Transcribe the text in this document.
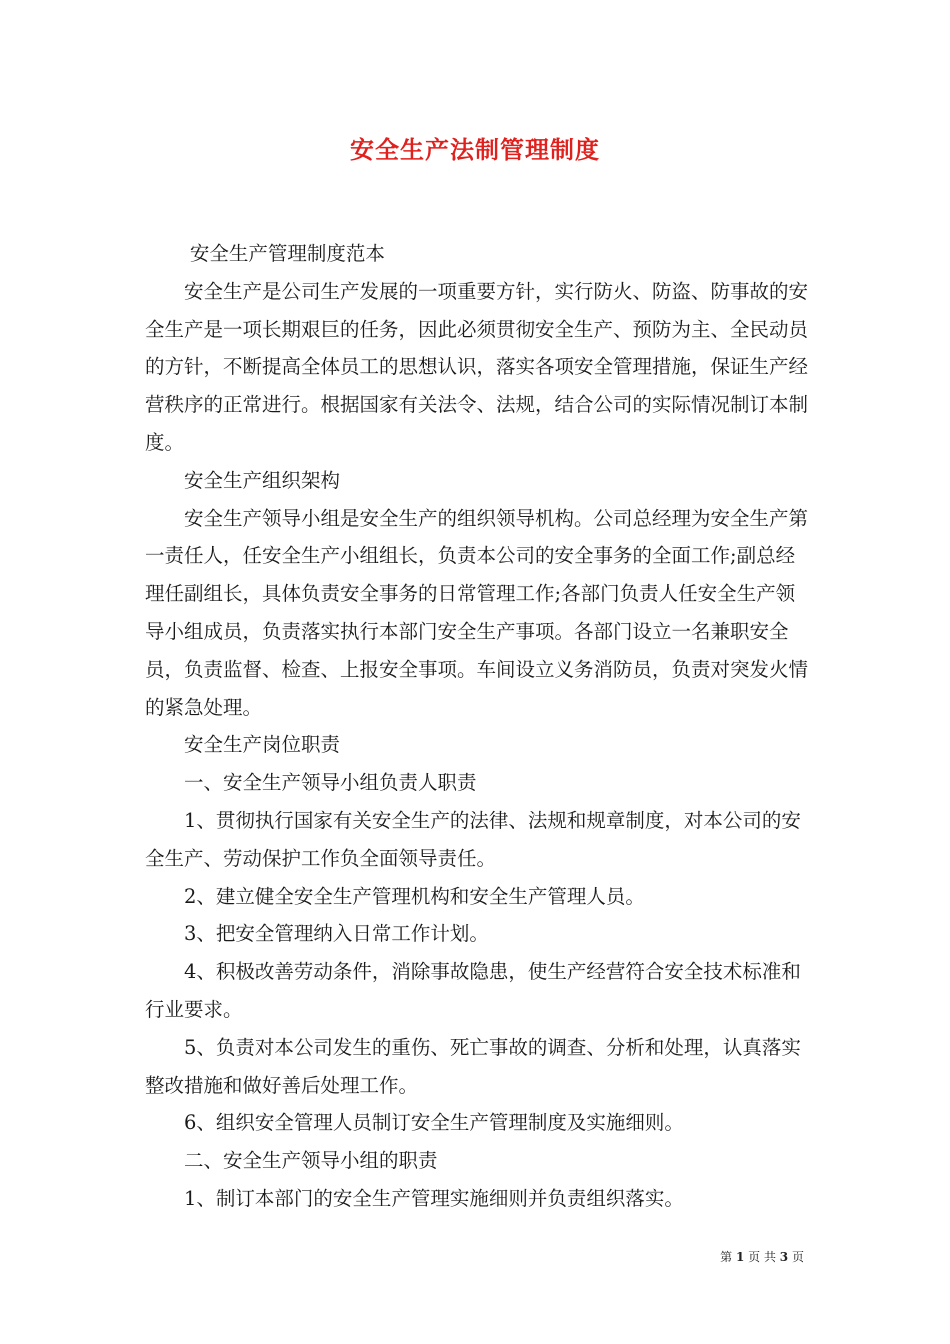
安全生产法制管理制度

安全生产管理制度范本

安全生产是公司生产发展的一项重要方针，实行防火、防盗、防事故的安全生产是一项长期艰巨的任务，因此必须贯彻安全生产、预防为主、全民动员的方针，不断提高全体员工的思想认识，落实各项安全管理措施，保证生产经营秩序的正常进行。根据国家有关法令、法规，结合公司的实际情况制订本制度。

安全生产组织架构

安全生产领导小组是安全生产的组织领导机构。公司总经理为安全生产第一责任人，任安全生产小组组长，负责本公司的安全事务的全面工作;副总经理任副组长，具体负责安全事务的日常管理工作;各部门负责人任安全生产领导小组成员，负责落实执行本部门安全生产事项。各部门设立一名兼职安全员，负责监督、检查、上报安全事项。车间设立义务消防员，负责对突发火情的紧急处理。

安全生产岗位职责

一、安全生产领导小组负责人职责

1、贯彻执行国家有关安全生产的法律、法规和规章制度，对本公司的安全生产、劳动保护工作负全面领导责任。

2、建立健全安全生产管理机构和安全生产管理人员。

3、把安全管理纳入日常工作计划。

4、积极改善劳动条件，消除事故隐患，使生产经营符合安全技术标准和行业要求。

5、负责对本公司发生的重伤、死亡事故的调查、分析和处理，认真落实整改措施和做好善后处理工作。

6、组织安全管理人员制订安全生产管理制度及实施细则。

二、安全生产领导小组的职责

1、制订本部门的安全生产管理实施细则并负责组织落实。

第 1 页 共 3 页
